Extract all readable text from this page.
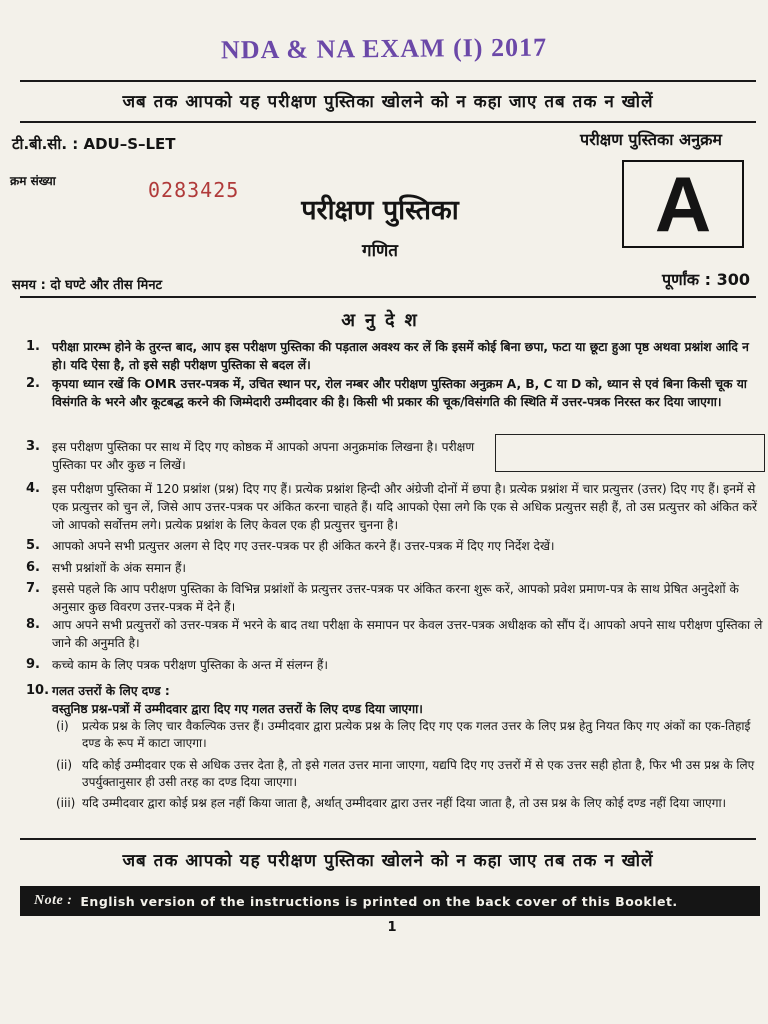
NDA & NA EXAM (I) 2017
जब तक आपको यह परीक्षण पुस्तिका खोलने को न कहा जाए तब तक न खोलें
टी.बी.सी. : ADU–S–LET
क्रम संख्या	0283425
परीक्षण पुस्तिका अनुक्रम
A
परीक्षण पुस्तिका
गणित
समय : दो घण्टे और तीस मिनट	पूर्णांक : 300
अनुदेश
1. परीक्षा प्रारम्भ होने के तुरन्त बाद, आप इस परीक्षण पुस्तिका की पड़ताल अवश्य कर लें कि इसमें कोई बिना छपा, फटा या छूटा हुआ पृष्ठ अथवा प्रश्नांश आदि न हो। यदि ऐसा है, तो इसे सही परीक्षण पुस्तिका से बदल लें।
2. कृपया ध्यान रखें कि OMR उत्तर-पत्रक में, उचित स्थान पर, रोल नम्बर और परीक्षण पुस्तिका अनुक्रम A, B, C या D को, ध्यान से एवं बिना किसी चूक या विसंगति के भरने और कूटबद्ध करने की जिम्मेदारी उम्मीदवार की है। किसी भी प्रकार की चूक/विसंगति की स्थिति में उत्तर-पत्रक निरस्त कर दिया जाएगा।
3. इस परीक्षण पुस्तिका पर साथ में दिए गए कोष्ठक में आपको अपना अनुक्रमांक लिखना है। परीक्षण पुस्तिका पर और कुछ न लिखें।
4. इस परीक्षण पुस्तिका में 120 प्रश्नांश (प्रश्न) दिए गए हैं। प्रत्येक प्रश्नांश हिन्दी और अंग्रेजी दोनों में छपा है। प्रत्येक प्रश्नांश में चार प्रत्युत्तर (उत्तर) दिए गए हैं। इनमें से एक प्रत्युत्तर को चुन लें, जिसे आप उत्तर-पत्रक पर अंकित करना चाहते हैं। यदि आपको ऐसा लगे कि एक से अधिक प्रत्युत्तर सही हैं, तो उस प्रत्युत्तर को अंकित करें जो आपको सर्वोत्तम लगे। प्रत्येक प्रश्नांश के लिए केवल एक ही प्रत्युत्तर चुनना है।
5. आपको अपने सभी प्रत्युत्तर अलग से दिए गए उत्तर-पत्रक पर ही अंकित करने हैं। उत्तर-पत्रक में दिए गए निर्देश देखें।
6. सभी प्रश्नांशों के अंक समान हैं।
7. इससे पहले कि आप परीक्षण पुस्तिका के विभिन्न प्रश्नांशों के प्रत्युत्तर उत्तर-पत्रक पर अंकित करना शुरू करें, आपको प्रवेश प्रमाण-पत्र के साथ प्रेषित अनुदेशों के अनुसार कुछ विवरण उत्तर-पत्रक में देने हैं।
8. आप अपने सभी प्रत्युत्तरों को उत्तर-पत्रक में भरने के बाद तथा परीक्षा के समापन पर केवल उत्तर-पत्रक अधीक्षक को सौंप दें। आपको अपने साथ परीक्षण पुस्तिका ले जाने की अनुमति है।
9. कच्चे काम के लिए पत्रक परीक्षण पुस्तिका के अन्त में संलग्न हैं।
10. गलत उत्तरों के लिए दण्ड :
वस्तुनिष्ठ प्रश्न-पत्रों में उम्मीदवार द्वारा दिए गए गलत उत्तरों के लिए दण्ड दिया जाएगा।
(i) प्रत्येक प्रश्न के लिए चार वैकल्पिक उत्तर हैं। उम्मीदवार द्वारा प्रत्येक प्रश्न के लिए दिए गए एक गलत उत्तर के लिए प्रश्न हेतु नियत किए गए अंकों का एक-तिहाई दण्ड के रूप में काटा जाएगा।
(ii) यदि कोई उम्मीदवार एक से अधिक उत्तर देता है, तो इसे गलत उत्तर माना जाएगा, यद्यपि दिए गए उत्तरों में से एक उत्तर सही होता है, फिर भी उस प्रश्न के लिए उपर्युक्तानुसार ही उसी तरह का दण्ड दिया जाएगा।
(iii) यदि उम्मीदवार द्वारा कोई प्रश्न हल नहीं किया जाता है, अर्थात् उम्मीदवार द्वारा उत्तर नहीं दिया जाता है, तो उस प्रश्न के लिए कोई दण्ड नहीं दिया जाएगा।
जब तक आपको यह परीक्षण पुस्तिका खोलने को न कहा जाए तब तक न खोलें
Note : English version of the instructions is printed on the back cover of this Booklet.
1
